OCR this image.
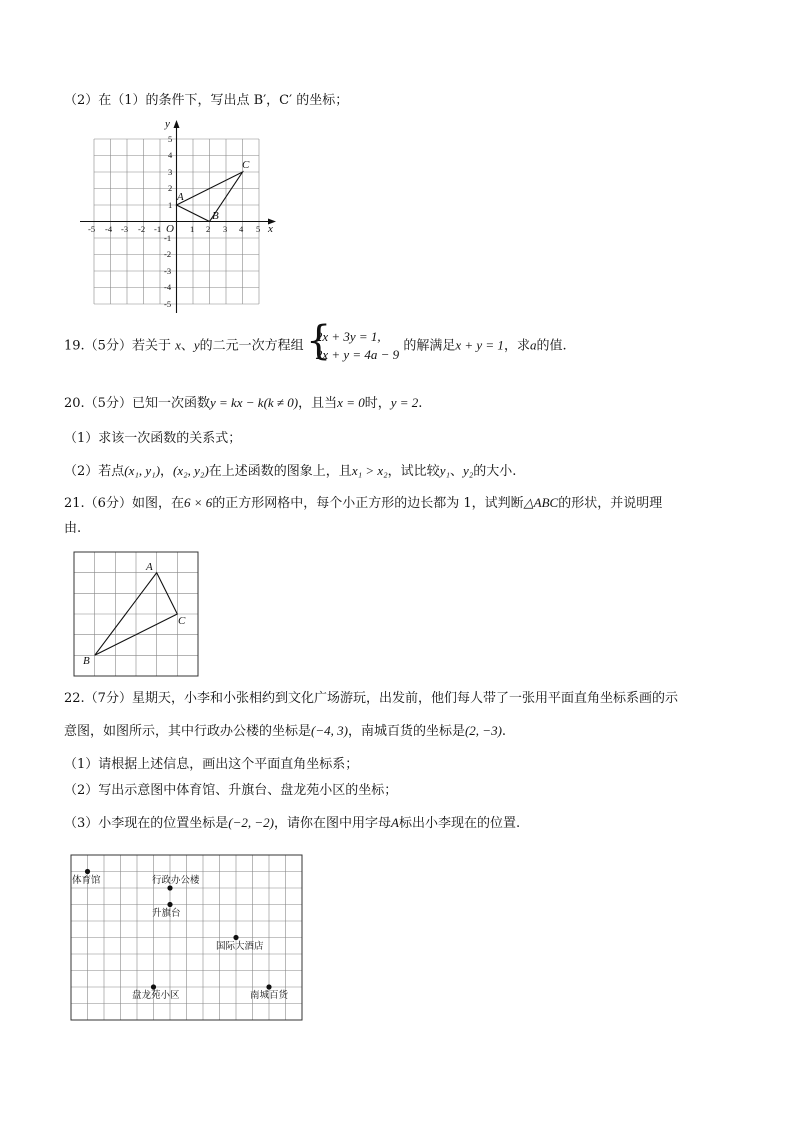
（2）在（1）的条件下，写出点 B′，C′ 的坐标；
y
x
O
-5 -4 -3 -2 -1	1 2 3 4 5
5
4
3
2
1
-1
-2
-3
-4
-5
A
B
C
19.（5分）若关于 x、y的二元一次方程组 {
2x + 3y = 1,
2x + y = 4a − 9
的解满足x + y = 1，求a的值.
20.（5分）已知一次函数y = kx − k(k ≠ 0)，且当x = 0时，y = 2.
（1）求该一次函数的关系式；
（2）若点(x₁, y₁)，(x₂, y₂)在上述函数的图象上，且x₁ > x₂，试比较y₁、y₂的大小.
21.（6分）如图，在6 × 6的正方形网格中，每个小正方形的边长都为 1，试判断△ABC的形状，并说明理
由.
A
C
B
22.（7分）星期天，小李和小张相约到文化广场游玩，出发前，他们每人带了一张用平面直角坐标系画的示
意图，如图所示，其中行政办公楼的坐标是(−4, 3)，南城百货的坐标是(2, −3).
（1）请根据上述信息，画出这个平面直角坐标系；
（2）写出示意图中体育馆、升旗台、盘龙苑小区的坐标；
（3）小李现在的位置坐标是(−2, −2)，请你在图中用字母A标出小李现在的位置.
体育馆	行政办公楼
升旗台
国际大酒店
盘龙苑小区	南城百货
